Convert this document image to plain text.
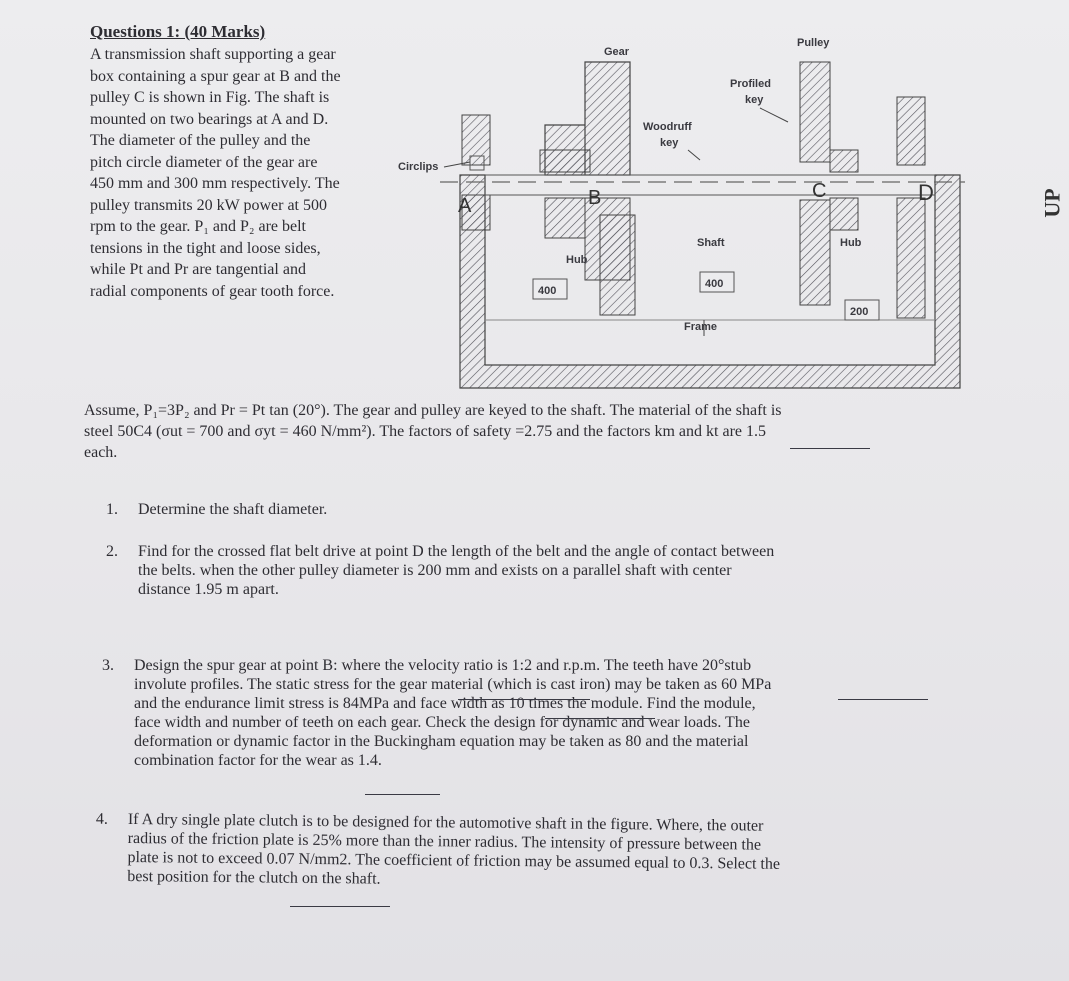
Questions 1: (40 Marks)
A transmission shaft supporting a gear
box containing a spur gear at B and the
pulley C is shown in Fig. The shaft is
mounted on two bearings at A and D.
The diameter of the pulley and the
pitch circle diameter of the gear are
450 mm and 300 mm respectively. The
pulley transmits 20 kW power at 500
rpm to the gear. P₁ and P₂ are belt
tensions in the tight and loose sides,
while Pt and Pr are tangential and
radial components of gear tooth force.
Gear
Pulley
Profiled
key
Woodruff
key
Circlips
Shaft
Hub
Hub
Frame
400
400
200
A	B	C	D
Assume, P₁=3P₂ and Pr = Pt tan (20°). The gear and pulley are keyed to the shaft. The material of the shaft is
steel 50C4 (σut = 700 and σyt = 460 N/mm²). The factors of safety =2.75 and the factors km and kt are 1.5
each.
1. Determine the shaft diameter.
2. Find for the crossed flat belt drive at point D the length of the belt and the angle of contact between
the belts. when the other pulley diameter is 200 mm and exists on a parallel shaft with center
distance 1.95 m apart.
3. Design the spur gear at point B: where the velocity ratio is 1:2 and r.p.m. The teeth have 20°stub
involute profiles. The static stress for the gear material (which is cast iron) may be taken as 60 MPa
and the endurance limit stress is 84MPa and face width as 10 times the module. Find the module,
face width and number of teeth on each gear. Check the design for dynamic and wear loads. The
deformation or dynamic factor in the Buckingham equation may be taken as 80 and the material
combination factor for the wear as 1.4.
4. If A dry single plate clutch is to be designed for the automotive shaft in the figure. Where, the outer
radius of the friction plate is 25% more than the inner radius. The intensity of pressure between the
plate is not to exceed 0.07 N/mm2. The coefficient of friction may be assumed equal to 0.3. Select the
best position for the clutch on the shaft.
UP
